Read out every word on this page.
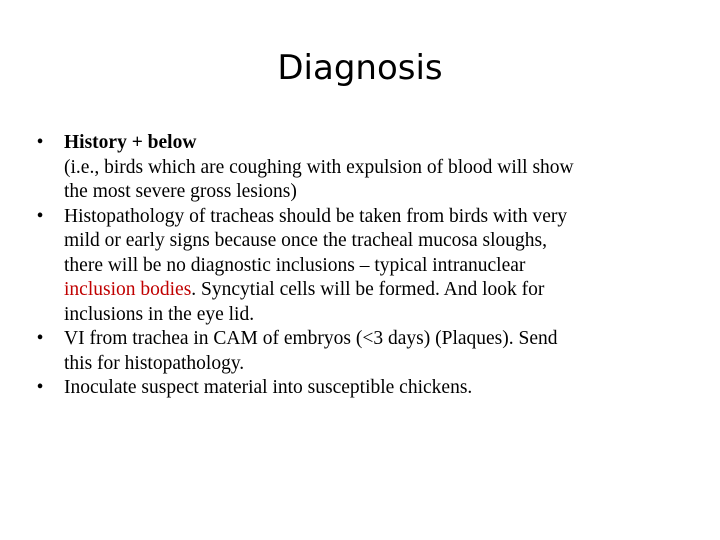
Diagnosis
•	History + below
(i.e., birds which are coughing with expulsion of blood will show
the most severe gross lesions)
•	Histopathology of tracheas should be taken from birds with very
mild or early signs because once the tracheal mucosa sloughs,
there will be no diagnostic inclusions – typical intranuclear
inclusion bodies. Syncytial cells will be formed. And look for
inclusions in the eye lid.
•	VI from trachea in CAM of embryos (<3 days) (Plaques). Send
this for histopathology.
•	Inoculate suspect material into susceptible chickens.
